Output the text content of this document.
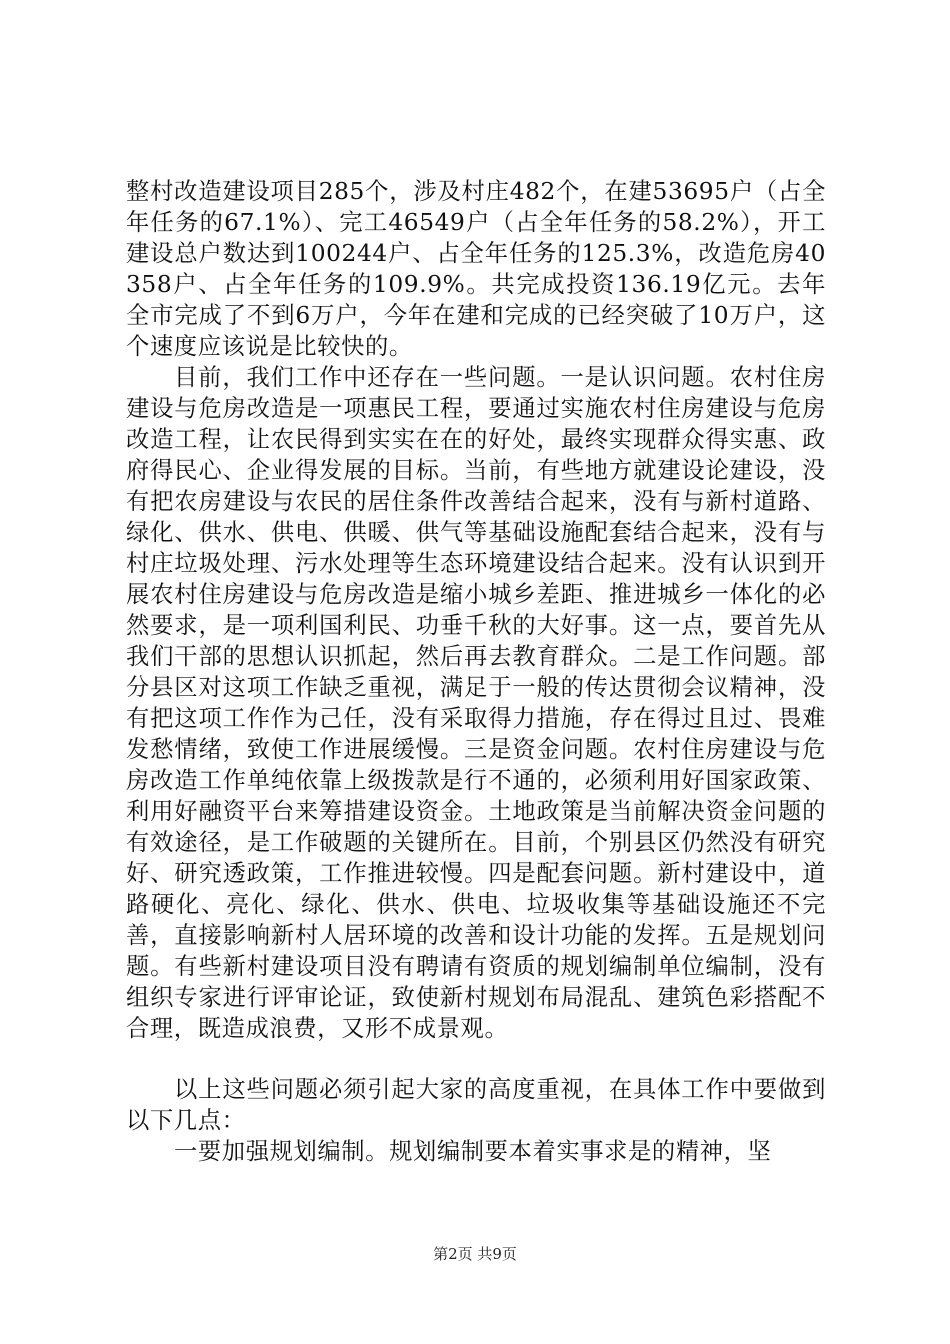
整村改造建设项目285个，涉及村庄482个，在建53695户（占全年任务的67.1%）、完工46549户（占全年任务的58.2%），开工建设总户数达到100244户、占全年任务的125.3%，改造危房40358户、占全年任务的109.9%。共完成投资136.19亿元。去年全市完成了不到6万户，今年在建和完成的已经突破了10万户，这个速度应该说是比较快的。

目前，我们工作中还存在一些问题。一是认识问题。农村住房建设与危房改造是一项惠民工程，要通过实施农村住房建设与危房改造工程，让农民得到实实在在的好处，最终实现群众得实惠、政府得民心、企业得发展的目标。当前，有些地方就建设论建设，没有把农房建设与农民的居住条件改善结合起来，没有与新村道路、绿化、供水、供电、供暖、供气等基础设施配套结合起来，没有与村庄垃圾处理、污水处理等生态环境建设结合起来。没有认识到开展农村住房建设与危房改造是缩小城乡差距、推进城乡一体化的必然要求，是一项利国利民、功垂千秋的大好事。这一点，要首先从我们干部的思想认识抓起，然后再去教育群众。二是工作问题。部分县区对这项工作缺乏重视，满足于一般的传达贯彻会议精神，没有把这项工作作为己任，没有采取得力措施，存在得过且过、畏难发愁情绪，致使工作进展缓慢。三是资金问题。农村住房建设与危房改造工作单纯依靠上级拨款是行不通的，必须利用好国家政策、利用好融资平台来筹措建设资金。土地政策是当前解决资金问题的有效途径，是工作破题的关键所在。目前，个别县区仍然没有研究好、研究透政策，工作推进较慢。四是配套问题。新村建设中，道路硬化、亮化、绿化、供水、供电、垃圾收集等基础设施还不完善，直接影响新村人居环境的改善和设计功能的发挥。五是规划问题。有些新村建设项目没有聘请有资质的规划编制单位编制，没有组织专家进行评审论证，致使新村规划布局混乱、建筑色彩搭配不合理，既造成浪费，又形不成景观。

以上这些问题必须引起大家的高度重视，在具体工作中要做到以下几点：

一要加强规划编制。规划编制要本着实事求是的精神，坚

第2页 共9页
